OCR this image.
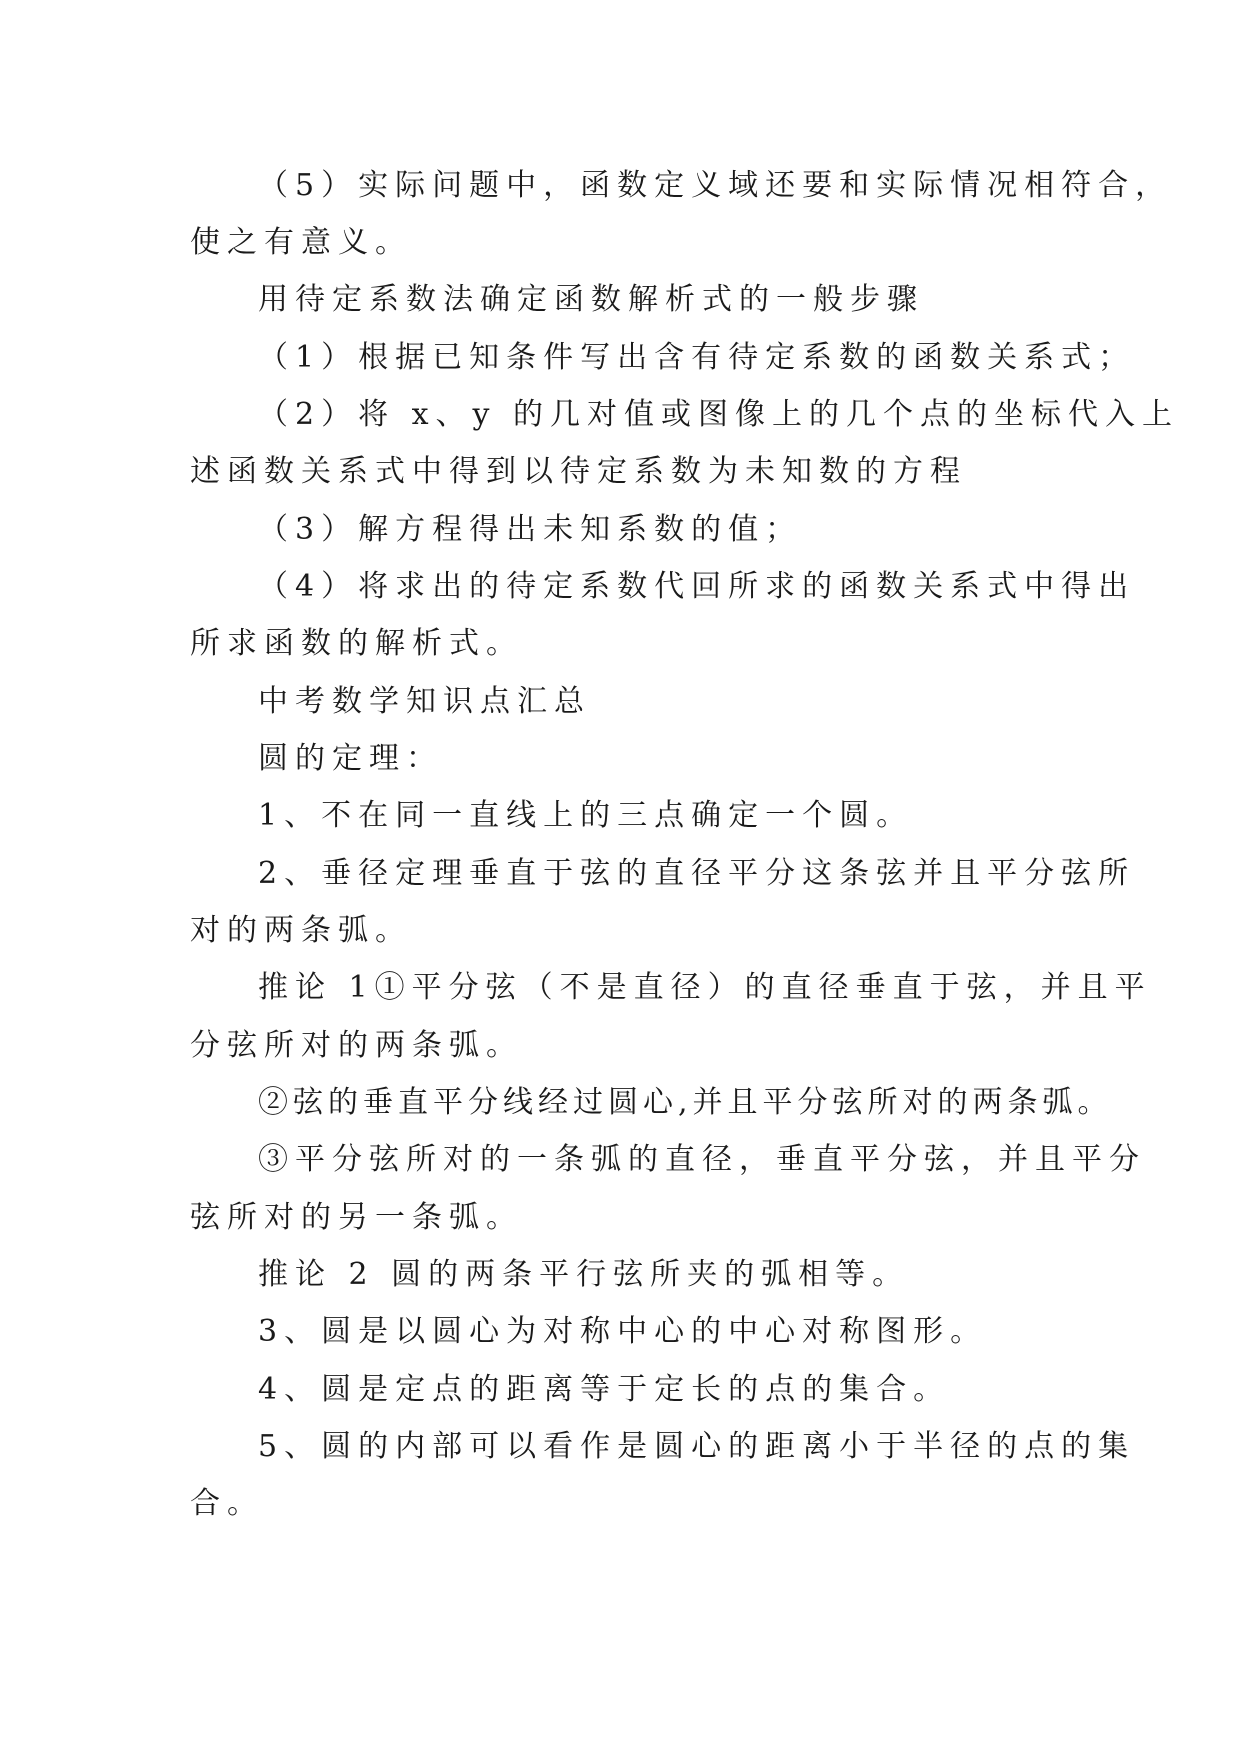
（5）实际问题中，函数定义域还要和实际情况相符合，
使之有意义。
用待定系数法确定函数解析式的一般步骤
（1）根据已知条件写出含有待定系数的函数关系式；
（2）将 x、y 的几对值或图像上的几个点的坐标代入上
述函数关系式中得到以待定系数为未知数的方程
（3）解方程得出未知系数的值；
（4）将求出的待定系数代回所求的函数关系式中得出
所求函数的解析式。
中考数学知识点汇总
圆的定理：
1、不在同一直线上的三点确定一个圆。
2、垂径定理垂直于弦的直径平分这条弦并且平分弦所
对的两条弧。
推论 1①平分弦（不是直径）的直径垂直于弦，并且平
分弦所对的两条弧。
②弦的垂直平分线经过圆心,并且平分弦所对的两条弧。
③平分弦所对的一条弧的直径，垂直平分弦，并且平分
弦所对的另一条弧。
推论 2 圆的两条平行弦所夹的弧相等。
3、圆是以圆心为对称中心的中心对称图形。
4、圆是定点的距离等于定长的点的集合。
5、圆的内部可以看作是圆心的距离小于半径的点的集
合。
